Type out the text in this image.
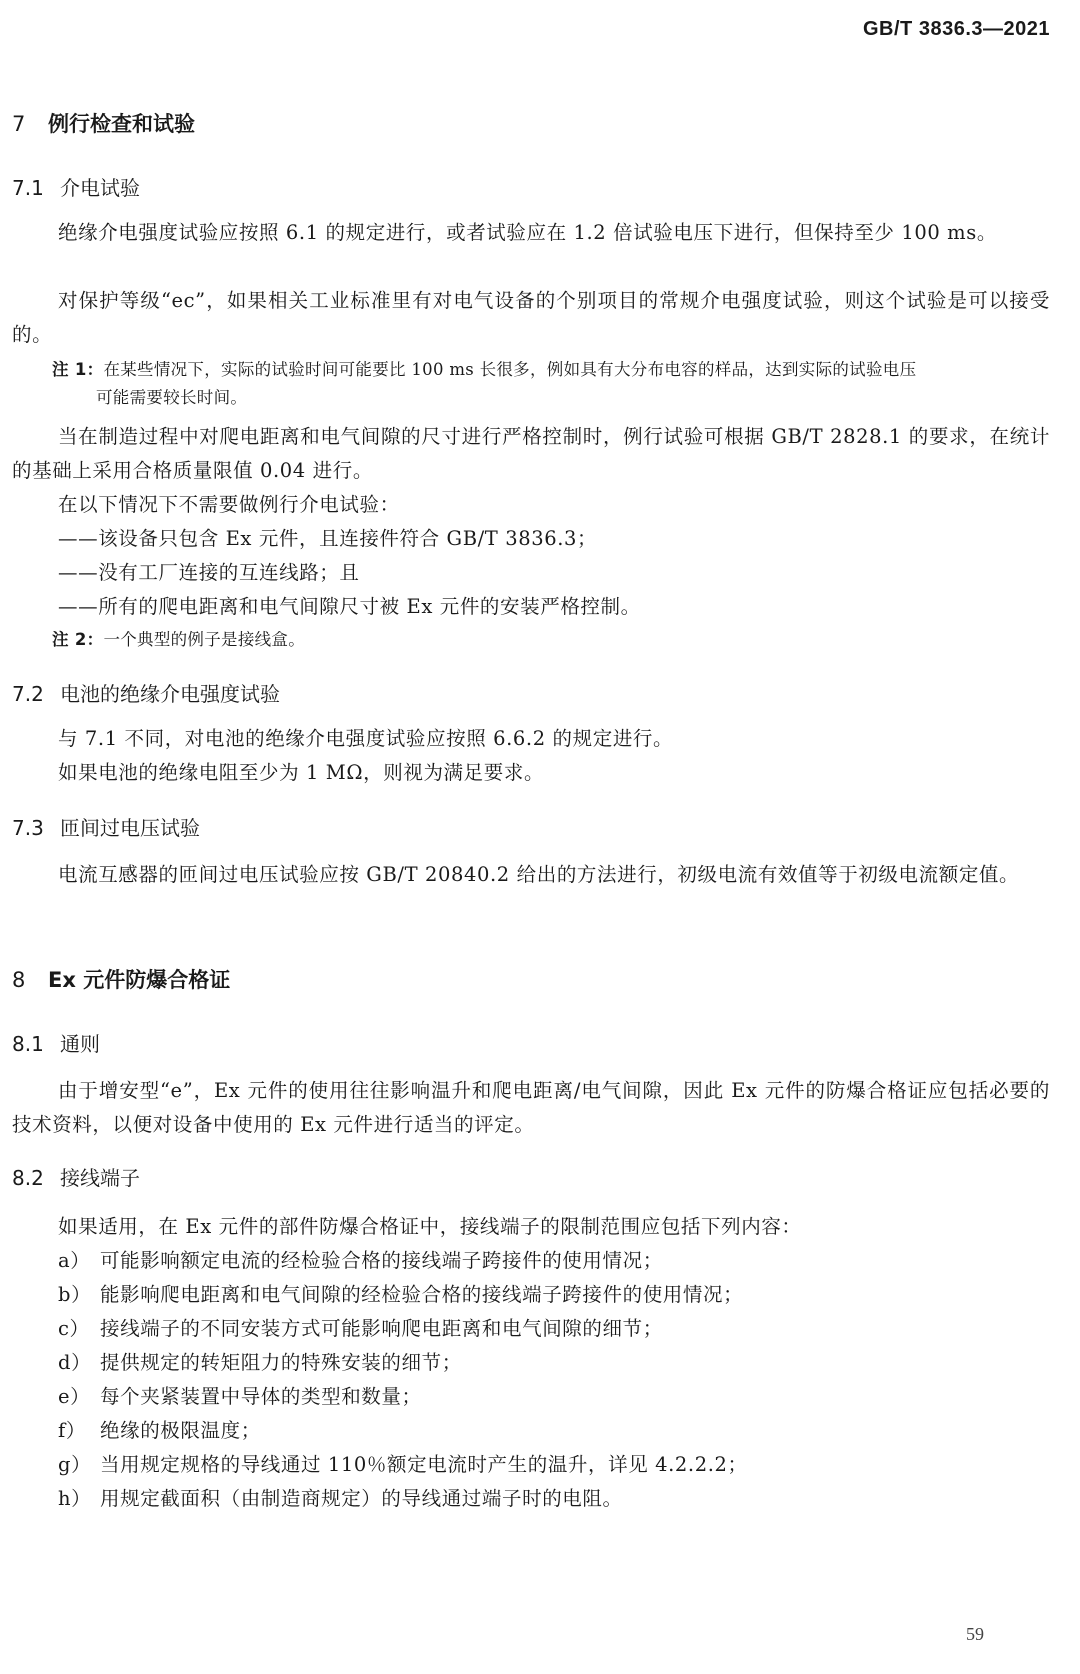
GB/T 3836.3—2021
7 例行检查和试验
7.1 介电试验
绝缘介电强度试验应按照 6.1 的规定进行，或者试验应在 1.2 倍试验电压下进行，但保持至少 100 ms。
对保护等级“ec”，如果相关工业标准里有对电气设备的个别项目的常规介电强度试验，则这个试验是可以接受的。
注 1：在某些情况下，实际的试验时间可能要比 100 ms 长很多，例如具有大分布电容的样品，达到实际的试验电压
可能需要较长时间。
当在制造过程中对爬电距离和电气间隙的尺寸进行严格控制时，例行试验可根据 GB/T 2828.1 的要求，在统计的基础上采用合格质量限值 0.04 进行。
在以下情况下不需要做例行介电试验：
——该设备只包含 Ex 元件，且连接件符合 GB/T 3836.3；
——没有工厂连接的互连线路；且
——所有的爬电距离和电气间隙尺寸被 Ex 元件的安装严格控制。
注 2：一个典型的例子是接线盒。
7.2 电池的绝缘介电强度试验
与 7.1 不同，对电池的绝缘介电强度试验应按照 6.6.2 的规定进行。
如果电池的绝缘电阻至少为 1 MΩ，则视为满足要求。
7.3 匝间过电压试验
电流互感器的匝间过电压试验应按 GB/T 20840.2 给出的方法进行，初级电流有效值等于初级电流额定值。
8 Ex 元件防爆合格证
8.1 通则
由于增安型“e”，Ex 元件的使用往往影响温升和爬电距离/电气间隙，因此 Ex 元件的防爆合格证应包括必要的技术资料，以便对设备中使用的 Ex 元件进行适当的评定。
8.2 接线端子
如果适用，在 Ex 元件的部件防爆合格证中，接线端子的限制范围应包括下列内容：
a） 可能影响额定电流的经检验合格的接线端子跨接件的使用情况；
b） 能影响爬电距离和电气间隙的经检验合格的接线端子跨接件的使用情况；
c） 接线端子的不同安装方式可能影响爬电距离和电气间隙的细节；
d） 提供规定的转矩阻力的特殊安装的细节；
e） 每个夹紧装置中导体的类型和数量；
f） 绝缘的极限温度；
g） 当用规定规格的导线通过 110％额定电流时产生的温升，详见 4.2.2.2；
h） 用规定截面积（由制造商规定）的导线通过端子时的电阻。
59
